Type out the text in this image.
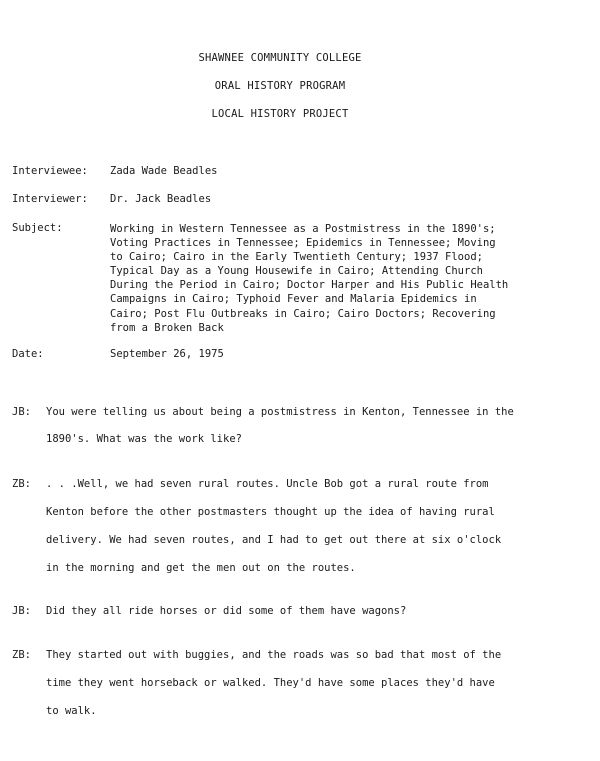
SHAWNEE COMMUNITY COLLEGE
ORAL HISTORY PROGRAM
LOCAL HISTORY PROJECT
Interviewee: Zada Wade Beadles
Interviewer: Dr. Jack Beadles
Subject:	Working in Western Tennessee as a Postmistress in the 1890's;
Voting Practices in Tennessee; Epidemics in Tennessee; Moving
to Cairo; Cairo in the Early Twentieth Century; 1937 Flood;
Typical Day as a Young Housewife in Cairo; Attending Church
During the Period in Cairo; Doctor Harper and His Public Health
Campaigns in Cairo; Typhoid Fever and Malaria Epidemics in
Cairo; Post Flu Outbreaks in Cairo; Cairo Doctors; Recovering
from a Broken Back
Date:	September 26, 1975
JB: You were telling us about being a postmistress in Kenton, Tennessee in the
1890's. What was the work like?
ZB: . . .Well, we had seven rural routes. Uncle Bob got a rural route from
Kenton before the other postmasters thought up the idea of having rural
delivery. We had seven routes, and I had to get out there at six o'clock
in the morning and get the men out on the routes.
JB: Did they all ride horses or did some of them have wagons?
ZB: They started out with buggies, and the roads was so bad that most of the
time they went horseback or walked. They'd have some places they'd have
to walk.
